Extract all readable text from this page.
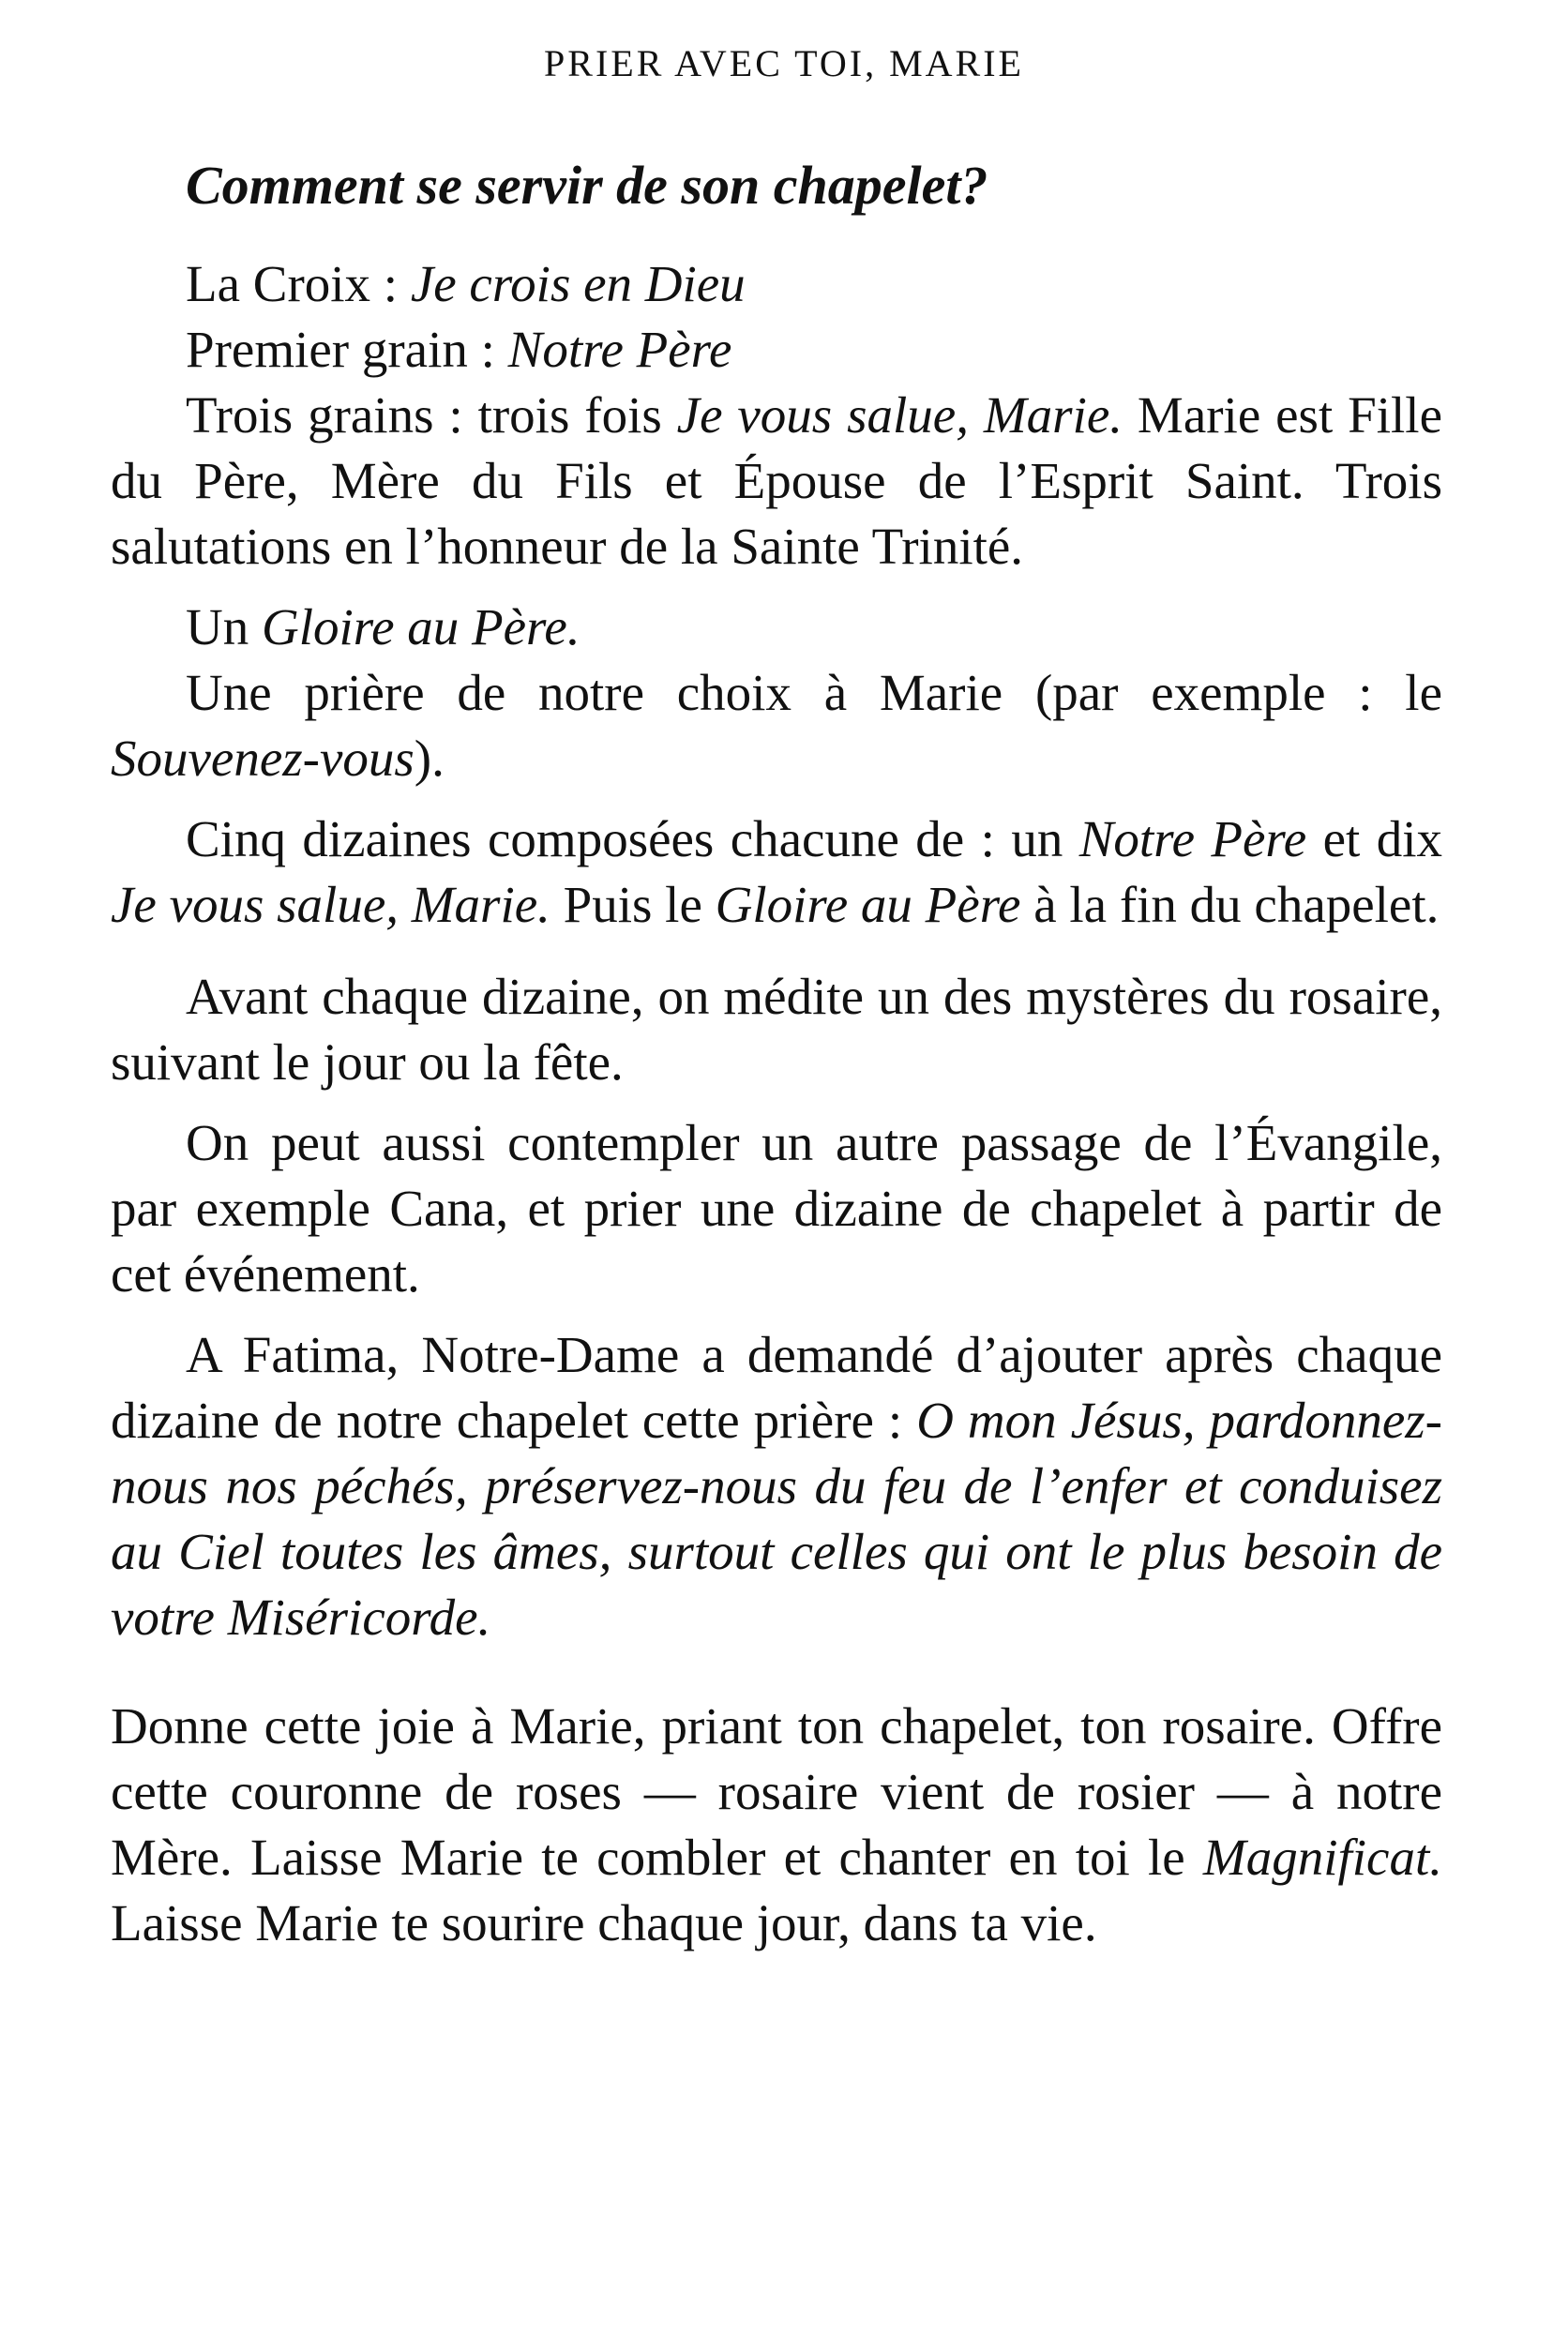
PRIER AVEC TOI, MARIE
Comment se servir de son chapelet?

La Croix : Je crois en Dieu

Premier grain : Notre Père

Trois grains : trois fois Je vous salue, Marie. Marie est Fille du Père, Mère du Fils et Épouse de l’Esprit Saint. Trois salutations en l’honneur de la Sainte Trinité.

Un Gloire au Père.

Une prière de notre choix à Marie (par exemple : le Souvenez-vous).

Cinq dizaines composées chacune de : un Notre Père et dix Je vous salue, Marie. Puis le Gloire au Père à la fin du chapelet.

Avant chaque dizaine, on médite un des mystères du rosaire, suivant le jour ou la fête.

On peut aussi contempler un autre passage de l’Évangile, par exemple Cana, et prier une dizaine de chapelet à partir de cet événement.

A Fatima, Notre-Dame a demandé d’ajouter après chaque dizaine de notre chapelet cette prière : O mon Jésus, pardonnez-nous nos péchés, préservez-nous du feu de l’enfer et conduisez au Ciel toutes les âmes, surtout celles qui ont le plus besoin de votre Miséricorde.

Donne cette joie à Marie, priant ton chapelet, ton rosaire. Offre cette couronne de roses — rosaire vient de rosier — à notre Mère. Laisse Marie te combler et chanter en toi le Magnificat. Laisse Marie te sourire chaque jour, dans ta vie.
